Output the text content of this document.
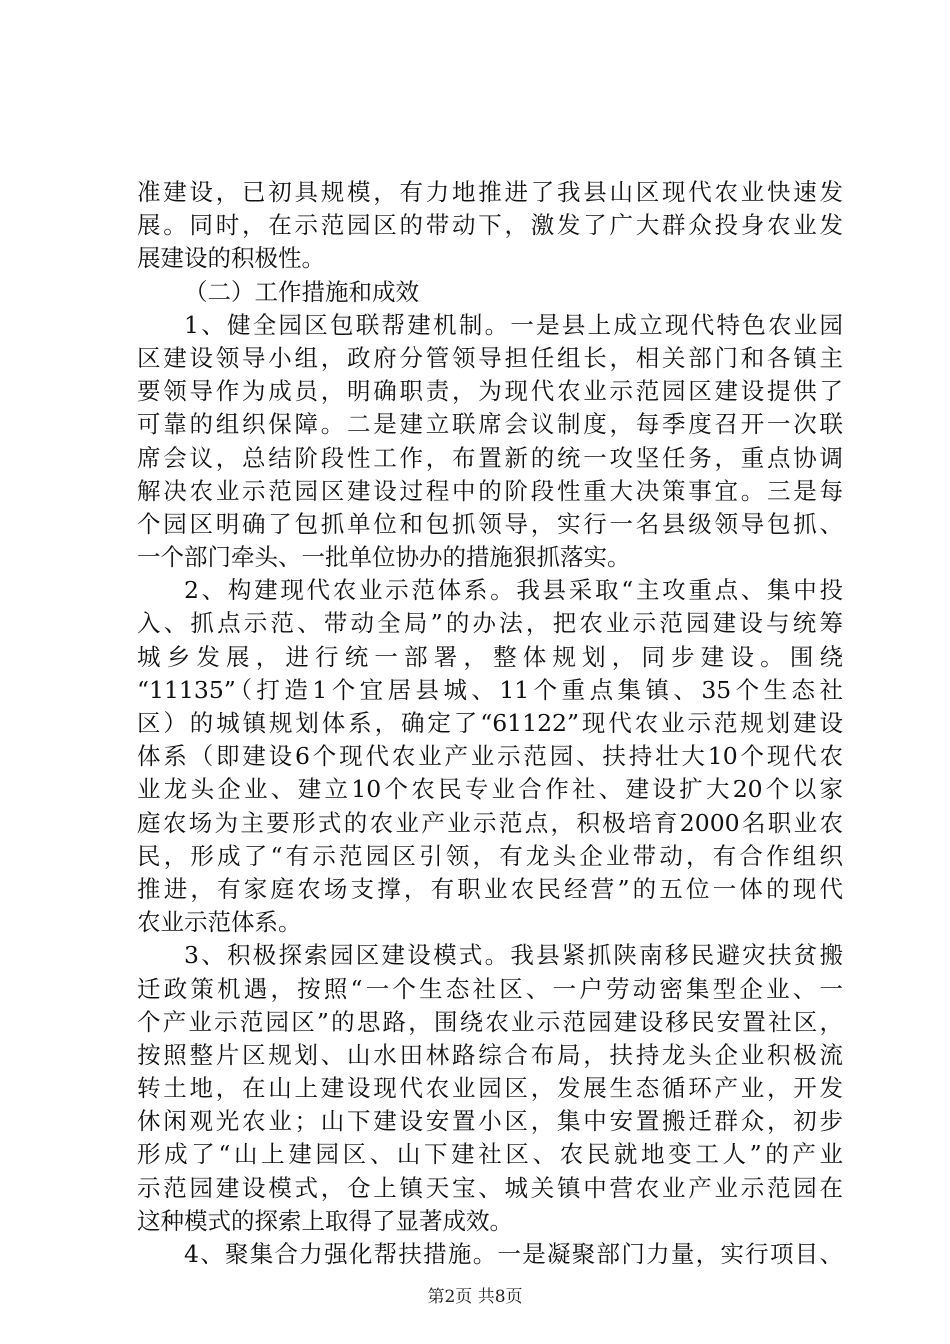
准建设，已初具规模，有力地推进了我县山区现代农业快速发
展。同时，在示范园区的带动下，激发了广大群众投身农业发
展建设的积极性。
（二）工作措施和成效
1、健全园区包联帮建机制。一是县上成立现代特色农业园
区建设领导小组，政府分管领导担任组长，相关部门和各镇主
要领导作为成员，明确职责，为现代农业示范园区建设提供了
可靠的组织保障。二是建立联席会议制度，每季度召开一次联
席会议，总结阶段性工作，布置新的统一攻坚任务，重点协调
解决农业示范园区建设过程中的阶段性重大决策事宜。三是每
个园区明确了包抓单位和包抓领导，实行一名县级领导包抓、
一个部门牵头、一批单位协办的措施狠抓落实。
2、构建现代农业示范体系。我县采取“主攻重点、集中投
入、抓点示范、带动全局”的办法，把农业示范园建设与统筹
城乡发展，进行统一部署，整体规划，同步建设。围绕
“11135”（打造1个宜居县城、11个重点集镇、35个生态社
区）的城镇规划体系，确定了“61122”现代农业示范规划建设
体系（即建设6个现代农业产业示范园、扶持壮大10个现代农
业龙头企业、建立10个农民专业合作社、建设扩大20个以家
庭农场为主要形式的农业产业示范点，积极培育2000名职业农
民，形成了“有示范园区引领，有龙头企业带动，有合作组织
推进，有家庭农场支撑，有职业农民经营”的五位一体的现代
农业示范体系。
3、积极探索园区建设模式。我县紧抓陕南移民避灾扶贫搬
迁政策机遇，按照“一个生态社区、一户劳动密集型企业、一
个产业示范园区”的思路，围绕农业示范园建设移民安置社区，
按照整片区规划、山水田林路综合布局，扶持龙头企业积极流
转土地，在山上建设现代农业园区，发展生态循环产业，开发
休闲观光农业；山下建设安置小区，集中安置搬迁群众，初步
形成了“山上建园区、山下建社区、农民就地变工人”的产业
示范园建设模式，仓上镇天宝、城关镇中营农业产业示范园在
这种模式的探索上取得了显著成效。
4、聚集合力强化帮扶措施。一是凝聚部门力量，实行项目、
第2页 共8页
